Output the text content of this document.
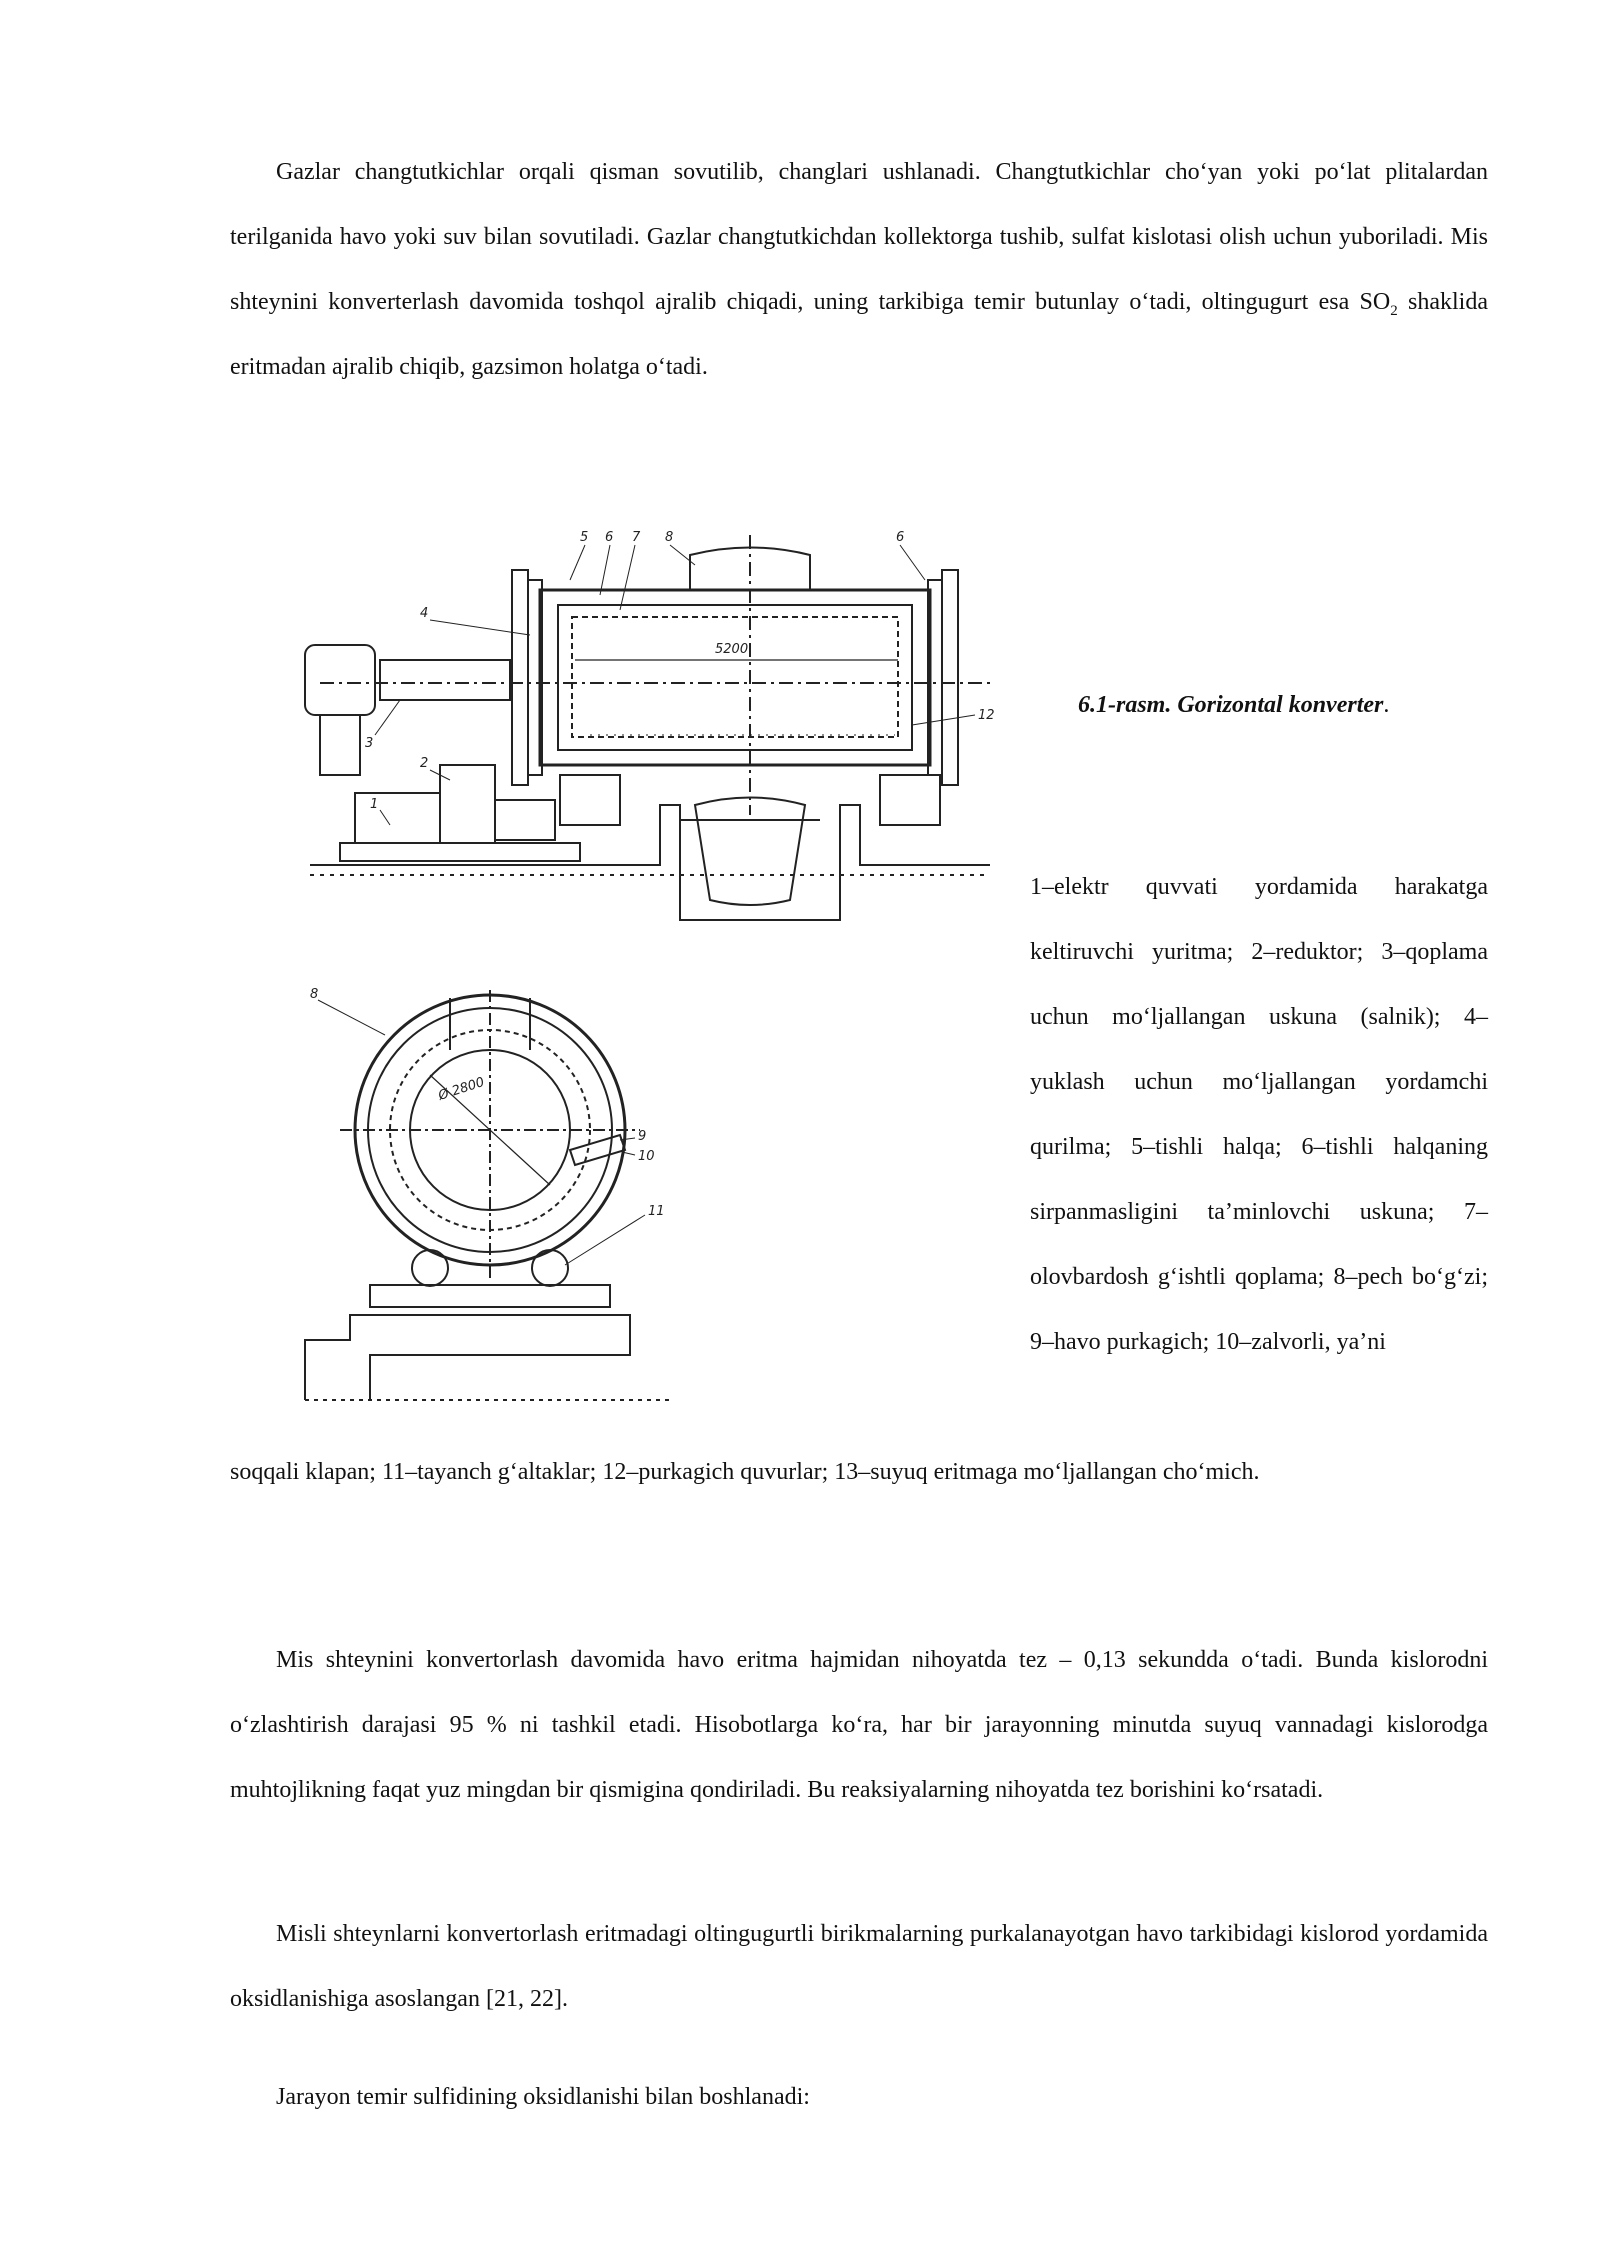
Gazlar changtutkichlar orqali qisman sovutilib, changlari ushlanadi. Changtutkichlar cho‘yan yoki po‘lat plitalardan terilganida havo yoki suv bilan sovutiladi. Gazlar changtutkichdan kollektorga tushib, sulfat kislotasi olish uchun yuboriladi. Mis shteynini konverterlash davomida toshqol ajralib chiqadi, uning tarkibiga temir butunlay o‘tadi, oltingugurt esa $SO_2$ shaklida eritmadan ajralib chiqib, gazsimon holatga o‘tadi.

5 6 7 8	6
4
3
2
1
12
5200
8
9
10
11
Ø 2800
6.1-rasm. Gorizontal konverter.

1–elektr quvvati yordamida harakatga keltiruvchi yuritma; 2–reduktor; 3–qoplama uchun mo‘ljallangan uskuna (salnik); 4– yuklash uchun mo‘ljallangan yordamchi qurilma; 5–tishli halqa; 6–tishli halqaning sirpanmasligini ta’minlovchi uskuna; 7–olovbardosh g‘ishtli qoplama; 8–pech bo‘g‘zi; 9–havo purkagich; 10–zalvorli, ya’ni

soqqali klapan; 11–tayanch g‘altaklar; 12–purkagich quvurlar; 13–suyuq eritmaga mo‘ljallangan cho‘mich.

Mis shteynini konvertorlash davomida havo eritma hajmidan nihoyatda tez – 0,13 sekundda o‘tadi. Bunda kislorodni o‘zlashtirish darajasi 95 % ni tashkil etadi. Hisobotlarga ko‘ra, har bir jarayonning minutda suyuq vannadagi kislorodga muhtojlikning faqat yuz mingdan bir qismigina qondiriladi. Bu reaksiyalarning nihoyatda tez borishini ko‘rsatadi.

Misli shteynlarni konvertorlash eritmadagi oltingugurtli birikmalarning purkalanayotgan havo tarkibidagi kislorod yordamida oksidlanishiga asoslangan [21, 22].

Jarayon temir sulfidining oksidlanishi bilan boshlanadi:
